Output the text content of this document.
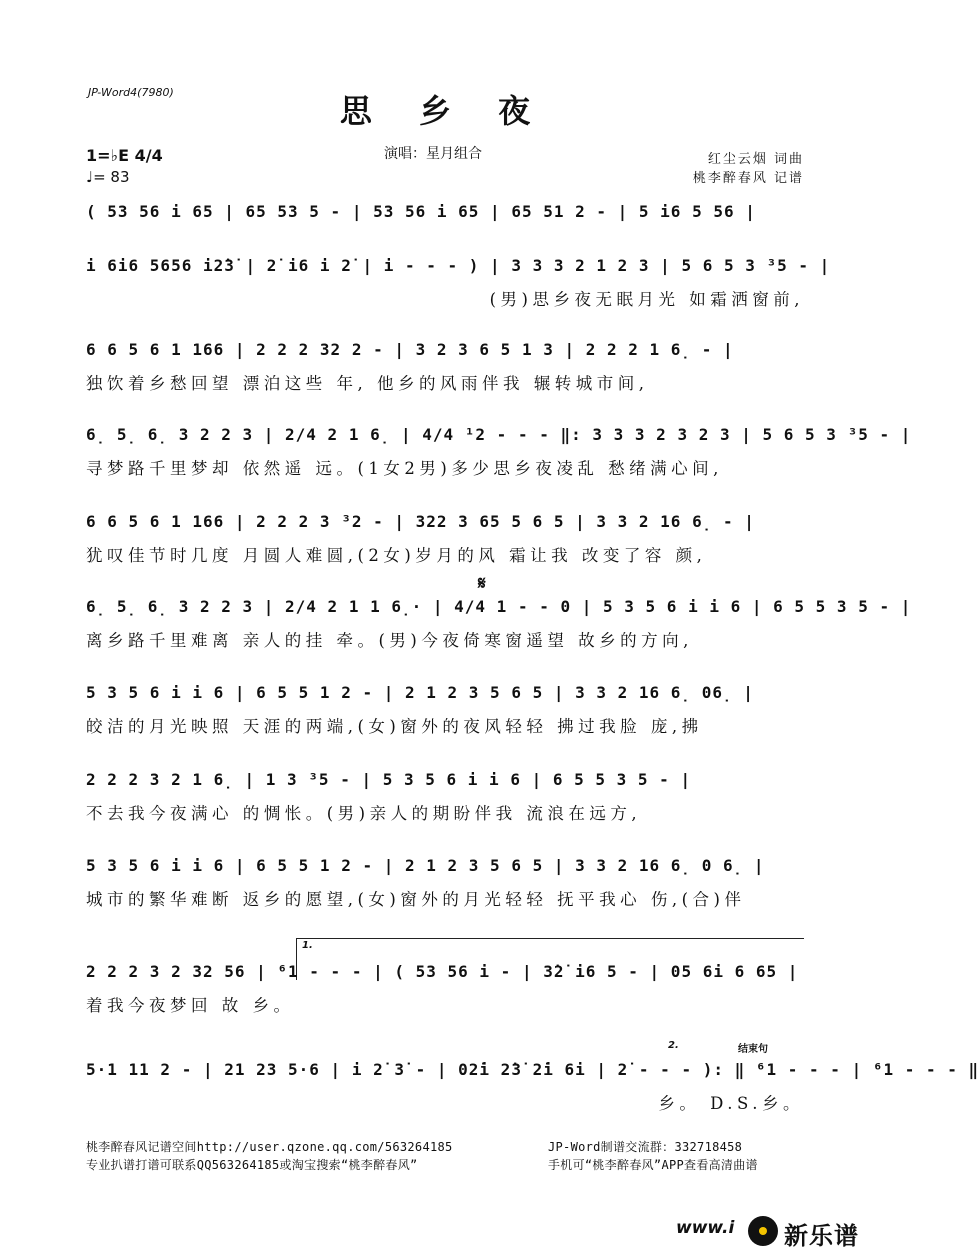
JP-Word4(7980)	思 乡 夜
1=♭E 4/4
♩= 83
演唱：星月组合	红尘云烟 词曲
桃李醉春风 记谱
( 53 56 i 65 | 65 53 5 - | 53 56 i 65 | 65 51 2 - | 5 i6 5 56 |
i 6i6 5656 i2̇3̇ | 2̇ i6 i 2̇ | i - - - ) | 3 3 3 2 1 2 3 | 5 6 5 3 ³5 - |
(男)思乡夜无眠月光 如霜洒窗前,
6 6 5 6 1 166 | 2 2 2 32 2 - | 3 2 3 6 5 1 3 | 2 2 2 1 6̣ - |
独饮着乡愁回望 漂泊这些 年, 他乡的风雨伴我 辗转城市间,
6̣ 5̣ 6̣ 3 2 2 3 | 2/4 2 1 6̣ | 4/4 ¹2 - - - ‖: 3 3 3 2 3 2 3 | 5 6 5 3 ³5 - |
寻梦路千里梦却 依然遥 远。(1女2男)多少思乡夜凌乱 愁绪满心间,
6 6 5 6 1 166 | 2 2 2 3 ³2 - | 322 3 65 5 6 5 | 3 3 2 16 6̣ - |
犹叹佳节时几度 月圆人难圆,(2女)岁月的风 霜让我 改变了容 颜,
𝄋
6̣ 5̣ 6̣ 3 2 2 3 | 2/4 2 1 1 6̣· | 4/4 1 - - 0 | 5 3 5 6 i i 6 | 6 5 5 3 5 - |
离乡路千里难离 亲人的挂 牵。(男)今夜倚寒窗遥望 故乡的方向,
5 3 5 6 i i 6 | 6 5 5 1 2 - | 2 1 2 3 5 6 5 | 3 3 2 16 6̣ 06̣ |
皎洁的月光映照 天涯的两端,(女)窗外的夜风轻轻 拂过我脸 庞,拂
2 2 2 3 2 1 6̣ | 1 3 ³5 - | 5 3 5 6 i i 6 | 6 5 5 3 5 - |
不去我今夜满心 的惆怅。(男)亲人的期盼伴我 流浪在远方,
5 3 5 6 i i 6 | 6 5 5 1 2 - | 2 1 2 3 5 6 5 | 3 3 2 16 6̣ 0 6̣ |
城市的繁华难断 返乡的愿望,(女)窗外的月光轻轻 抚平我心 伤,(合)伴
1.
2 2 2 3 2 32 56 | ⁶1 - - - | ( 53 56 i - | 3̇2̇ i6 5 - | 05 6i 6 65 |
着我今夜梦回 故 乡。
2.	结束句
5·1 11 2 - | 21 23 5·6 | i 2̇ 3̇ - | 02̇i 2̇3̇ 2̇i 6i | 2̇ - - - ): ‖ ⁶1 - - - | ⁶1 - - - ‖
乡。 D.S.乡。
桃李醉春风记谱空间http://user.qzone.qq.com/563264185
专业扒谱打谱可联系QQ563264185或淘宝搜索“桃李醉春风”
JP-Word制谱交流群：332718458
手机可“桃李醉春风”APP查看高清曲谱
www.i 新乐谱
